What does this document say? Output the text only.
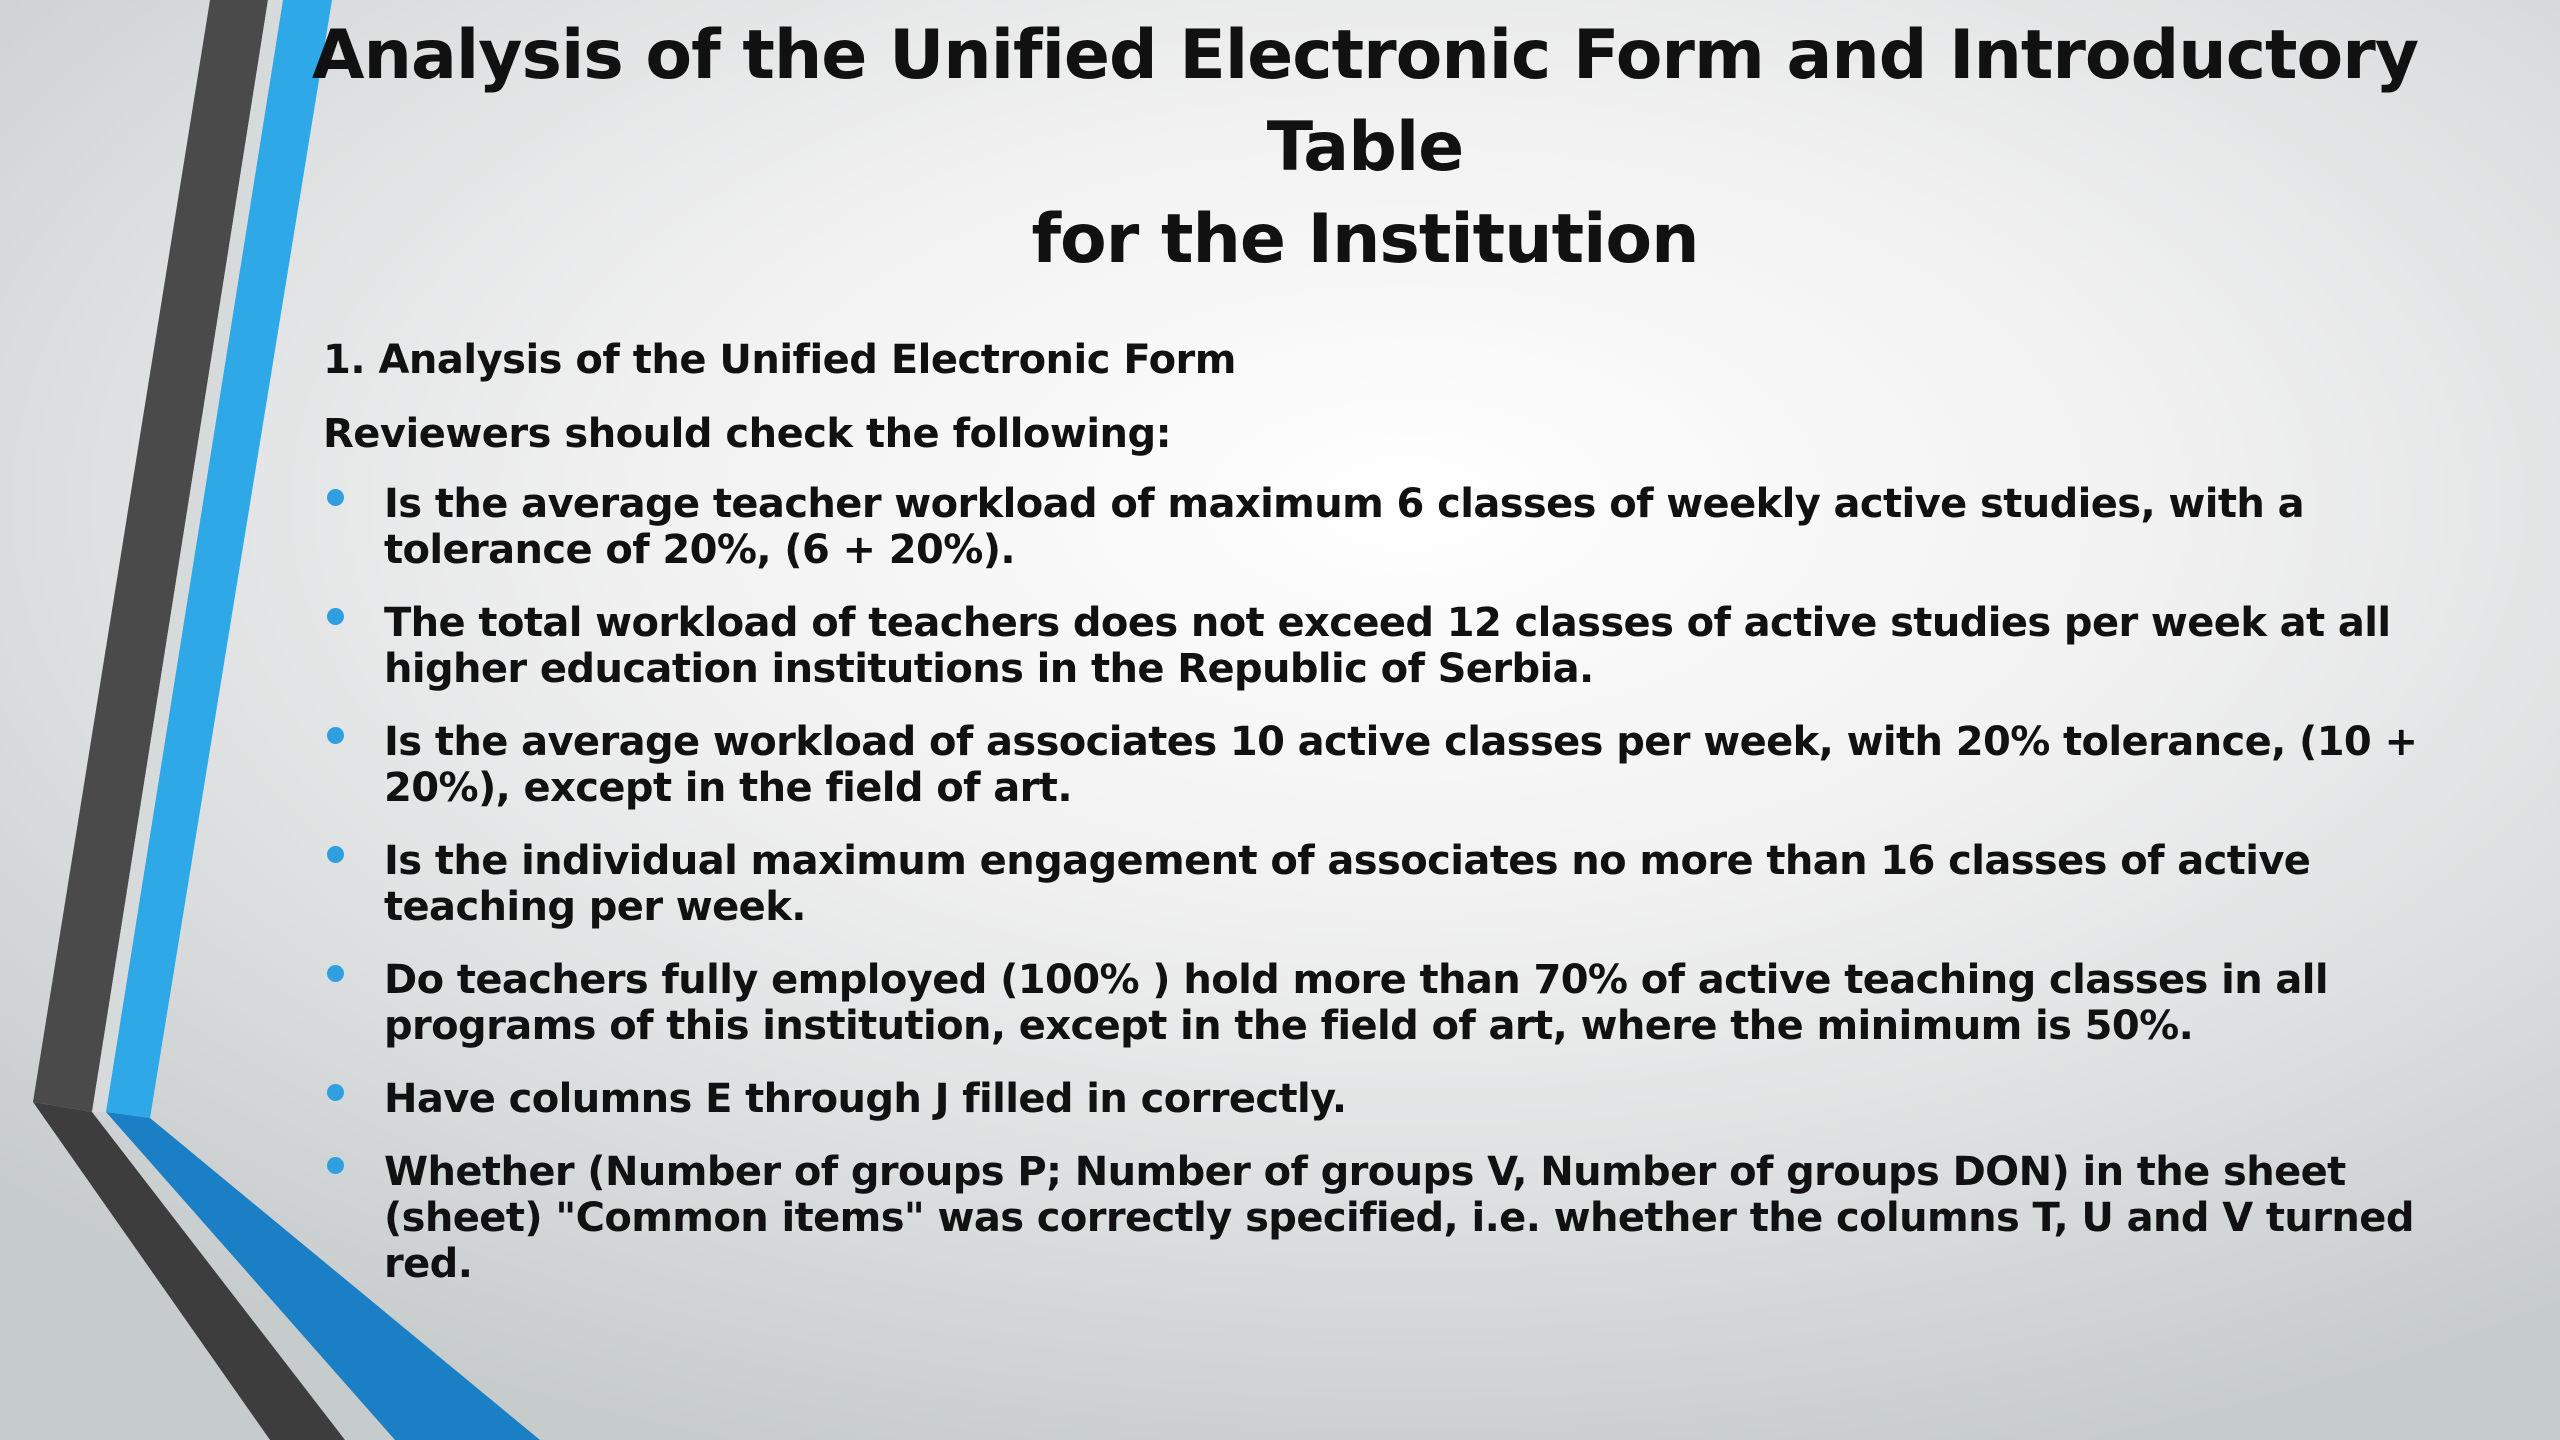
Analysis of the Unified Electronic Form and Introductory Table
for the Institution
1. Analysis of the Unified Electronic Form
Reviewers should check the following:
Is the average teacher workload of maximum 6 classes of weekly active studies, with a tolerance of 20%, (6 + 20%).
The total workload of teachers does not exceed 12 classes of active studies per week at all higher education institutions in the Republic of Serbia.
Is the average workload of associates 10 active classes per week, with 20% tolerance, (10 + 20%), except in the field of art.
Is the individual maximum engagement of associates no more than 16 classes of active teaching per week.
Do teachers fully employed (100% ) hold more than 70% of active teaching classes in all programs of this institution, except in the field of art, where the minimum is 50%.
Have columns E through J filled in correctly.
Whether (Number of groups P; Number of groups V, Number of groups DON) in the sheet (sheet) "Common items" was correctly specified, i.e. whether the columns T, U and V turned red.
